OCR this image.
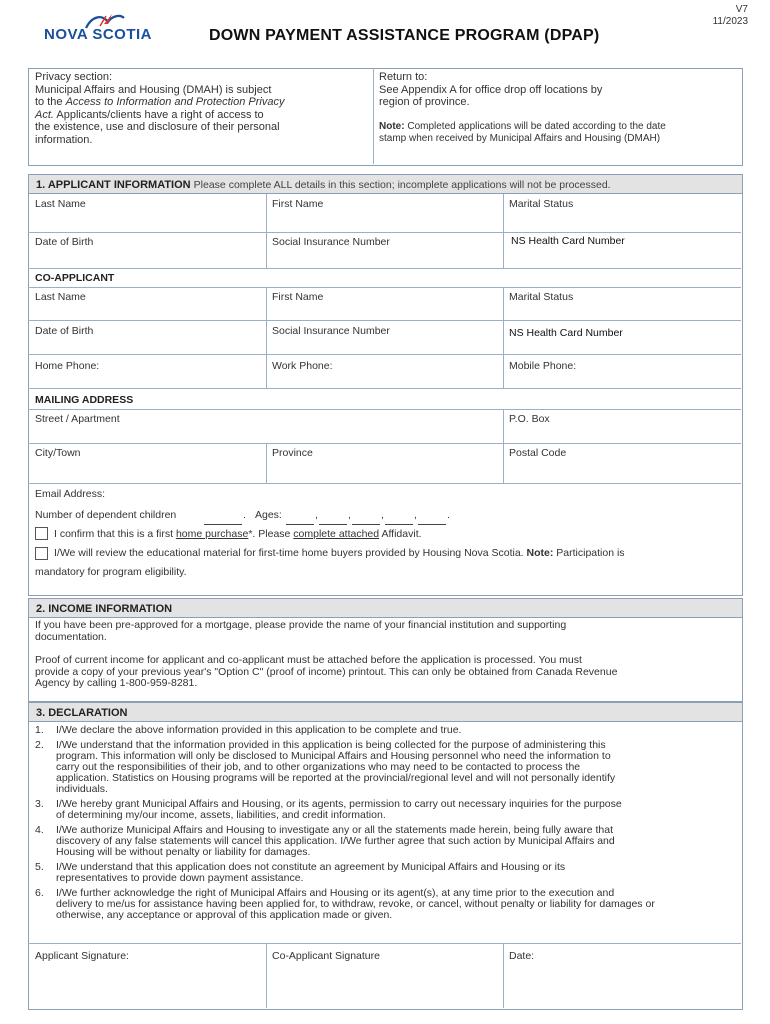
NOVA SCOTIA	DOWN PAYMENT ASSISTANCE PROGRAM (DPAP)
V7
11/2023
Privacy section:
Municipal Affairs and Housing (DMAH) is subject
to the Access to Information and Protection Privacy
Act. Applicants/clients have a right of access to
the existence, use and disclosure of their personal
information.
Return to:
See Appendix A for office drop off locations by
region of province.
Note: Completed applications will be dated according to the date
stamp when received by Municipal Affairs and Housing (DMAH)
1. APPLICANT INFORMATION Please complete ALL details in this section; incomplete applications will not be processed.
Last Name	First Name	Marital Status
Date of Birth	Social Insurance Number	NS Health Card Number
CO-APPLICANT
Last Name	First Name	Marital Status
Date of Birth	Social Insurance Number	NS Health Card Number
Home Phone:	Work Phone:	Mobile Phone:
MAILING ADDRESS
Street / Apartment	P.O. Box
City/Town	Province	Postal Code
Email Address:
Number of dependent children	. Ages:	,	,	,	,	.
I confirm that this is a first home purchase*. Please complete attached Affidavit.
I/We will review the educational material for first-time home buyers provided by Housing Nova Scotia. Note: Participation is
mandatory for program eligibility.
2. INCOME INFORMATION
If you have been pre-approved for a mortgage, please provide the name of your financial institution and supporting
documentation.
Proof of current income for applicant and co-applicant must be attached before the application is processed. You must
provide a copy of your previous year's "Option C" (proof of income) printout. This can only be obtained from Canada Revenue
Agency by calling 1-800-959-8281.
3. DECLARATION
1.	I/We declare the above information provided in this application to be complete and true.
2.	I/We understand that the information provided in this application is being collected for the purpose of administering this
program. This information will only be disclosed to Municipal Affairs and Housing personnel who need the information to
carry out the responsibilities of their job, and to other organizations who may need to be contacted to process the
application. Statistics on Housing programs will be reported at the provincial/regional level and will not personally identify
individuals.
3.	I/We hereby grant Municipal Affairs and Housing, or its agents, permission to carry out necessary inquiries for the purpose
of determining my/our income, assets, liabilities, and credit information.
4.	I/We authorize Municipal Affairs and Housing to investigate any or all the statements made herein, being fully aware that
discovery of any false statements will cancel this application. I/We further agree that such action by Municipal Affairs and
Housing will be without penalty or liability for damages.
5.	I/We understand that this application does not constitute an agreement by Municipal Affairs and Housing or its
representatives to provide down payment assistance.
6.	I/We further acknowledge the right of Municipal Affairs and Housing or its agent(s), at any time prior to the execution and
delivery to me/us for assistance having been applied for, to withdraw, revoke, or cancel, without penalty or liability for damages or
otherwise, any acceptance or approval of this application made or given.
Applicant Signature:	Co-Applicant Signature	Date:
